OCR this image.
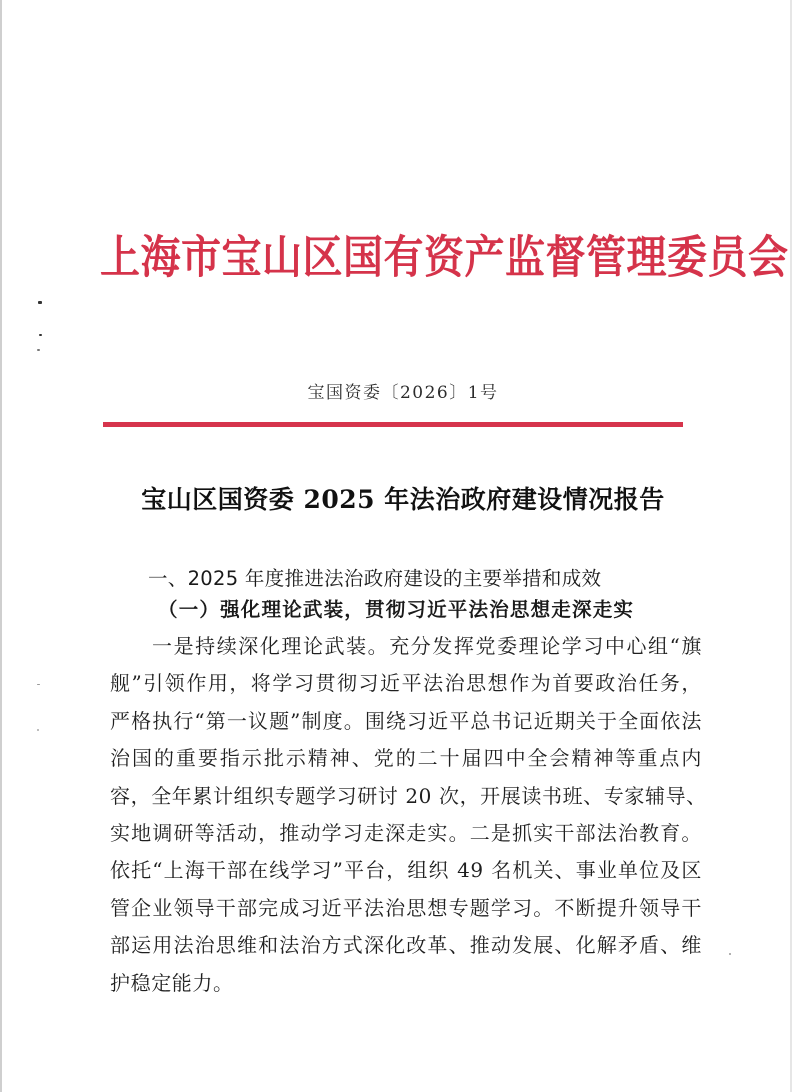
上海市宝山区国有资产监督管理委员会
宝国资委〔2026〕1号
宝山区国资委 2025 年法治政府建设情况报告
一、2025 年度推进法治政府建设的主要举措和成效
（一）强化理论武装，贯彻习近平法治思想走深走实
一是持续深化理论武装。充分发挥党委理论学习中心组“旗
舰”引领作用，将学习贯彻习近平法治思想作为首要政治任务，
严格执行“第一议题”制度。围绕习近平总书记近期关于全面依法
治国的重要指示批示精神、党的二十届四中全会精神等重点内
容，全年累计组织专题学习研讨 20 次，开展读书班、专家辅导、
实地调研等活动，推动学习走深走实。二是抓实干部法治教育。
依托“上海干部在线学习”平台，组织 49 名机关、事业单位及区
管企业领导干部完成习近平法治思想专题学习。不断提升领导干
部运用法治思维和法治方式深化改革、推动发展、化解矛盾、维
护稳定能力。
